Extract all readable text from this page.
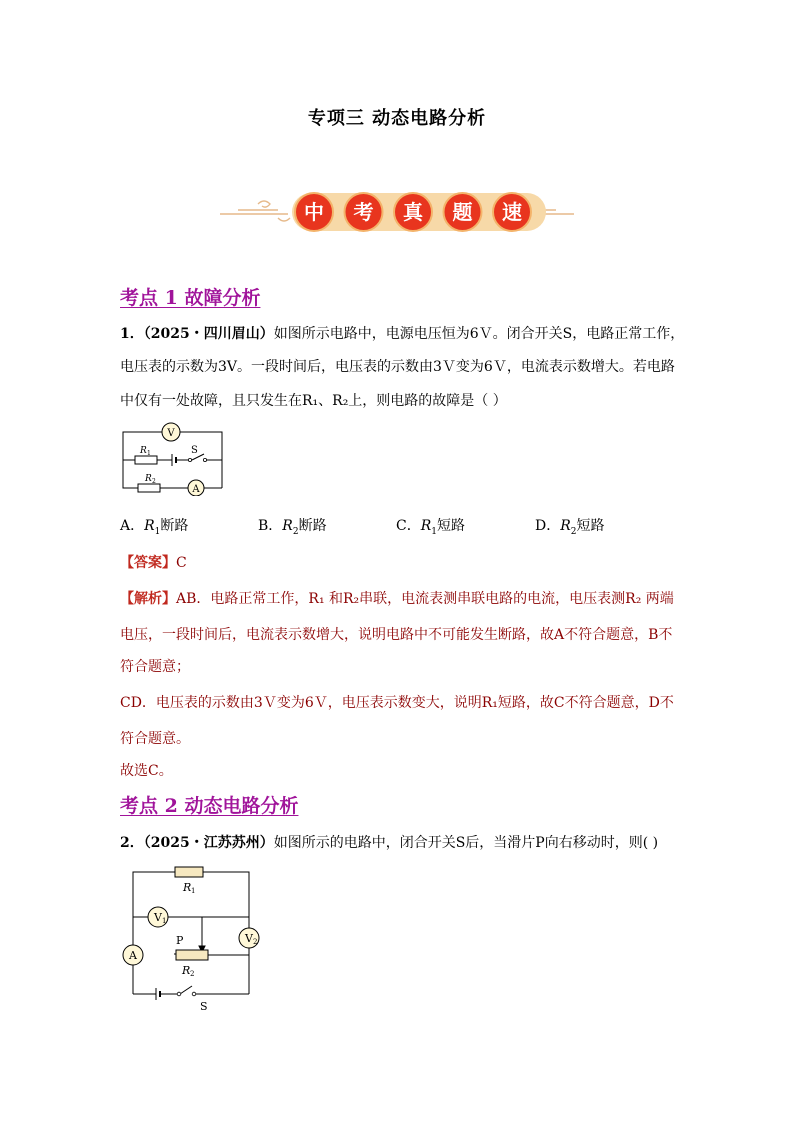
专项三 动态电路分析
中 考 真 题 速
考点 1 故障分析
1．（2025・四川眉山）如图所示电路中，电源电压恒为6Ｖ。闭合开关S，电路正常工作，
电压表的示数为3V。一段时间后，电压表的示数由3Ｖ变为6Ｖ，电流表示数增大。若电路
中仅有一处故障，且只发生在R₁、R₂上，则电路的故障是（ ）
V
S
R 1
R 2
A
A．$R_1$断路	B．$R_2$断路	C．$R_1$短路	D．$R_2$短路
【答案】C
【解析】AB．电路正常工作，R₁ 和R₂串联，电流表测串联电路的电流，电压表测R₂ 两端
电压，一段时间后，电流表示数增大，说明电路中不可能发生断路，故A不符合题意，B不
符合题意；
CD．电压表的示数由3Ｖ变为6Ｖ，电压表示数变大，说明R₁短路，故C不符合题意，D不
符合题意。
故选C。
考点 2 动态电路分析
2．（2025・江苏苏州）如图所示的电路中，闭合开关S后，当滑片P向右移动时，则( )
V 1
V 2
A
R 1
P
R 2
S
